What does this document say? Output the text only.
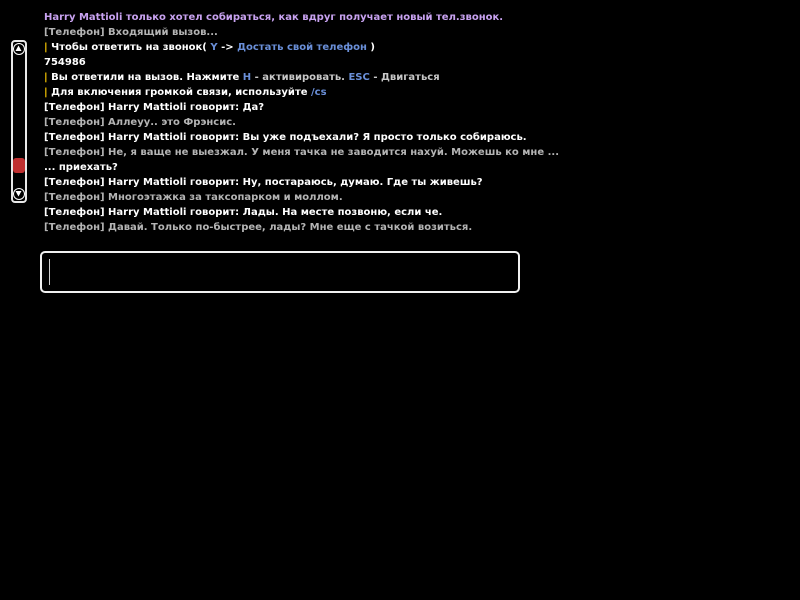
Harry Mattioli только хотел собираться, как вдруг получает новый тел.звонок.
[Телефон] Входящий вызов...
| Чтобы ответить на звонок( Y -> Достать свой телефон )
754986
| Вы ответили на вызов. Нажмите H - активировать. ESC - Двигаться
| Для включения громкой связи, используйте /cs
[Телефон] Harry Mattioli говорит: Да?
[Телефон] Аллеуу.. это Фрэнсис.
[Телефон] Harry Mattioli говорит: Вы уже подъехали? Я просто только собираюсь.
[Телефон] Не, я ваще не выезжал. У меня тачка не заводится нахуй. Можешь ко мне ...
... приехать?
[Телефон] Harry Mattioli говорит: Ну, постараюсь, думаю. Где ты живешь?
[Телефон] Многоэтажка за таксопарком и моллом.
[Телефон] Harry Mattioli говорит: Лады. На месте позвоню, если че.
[Телефон] Давай. Только по-быстрее, лады? Мне еще с тачкой возиться.
